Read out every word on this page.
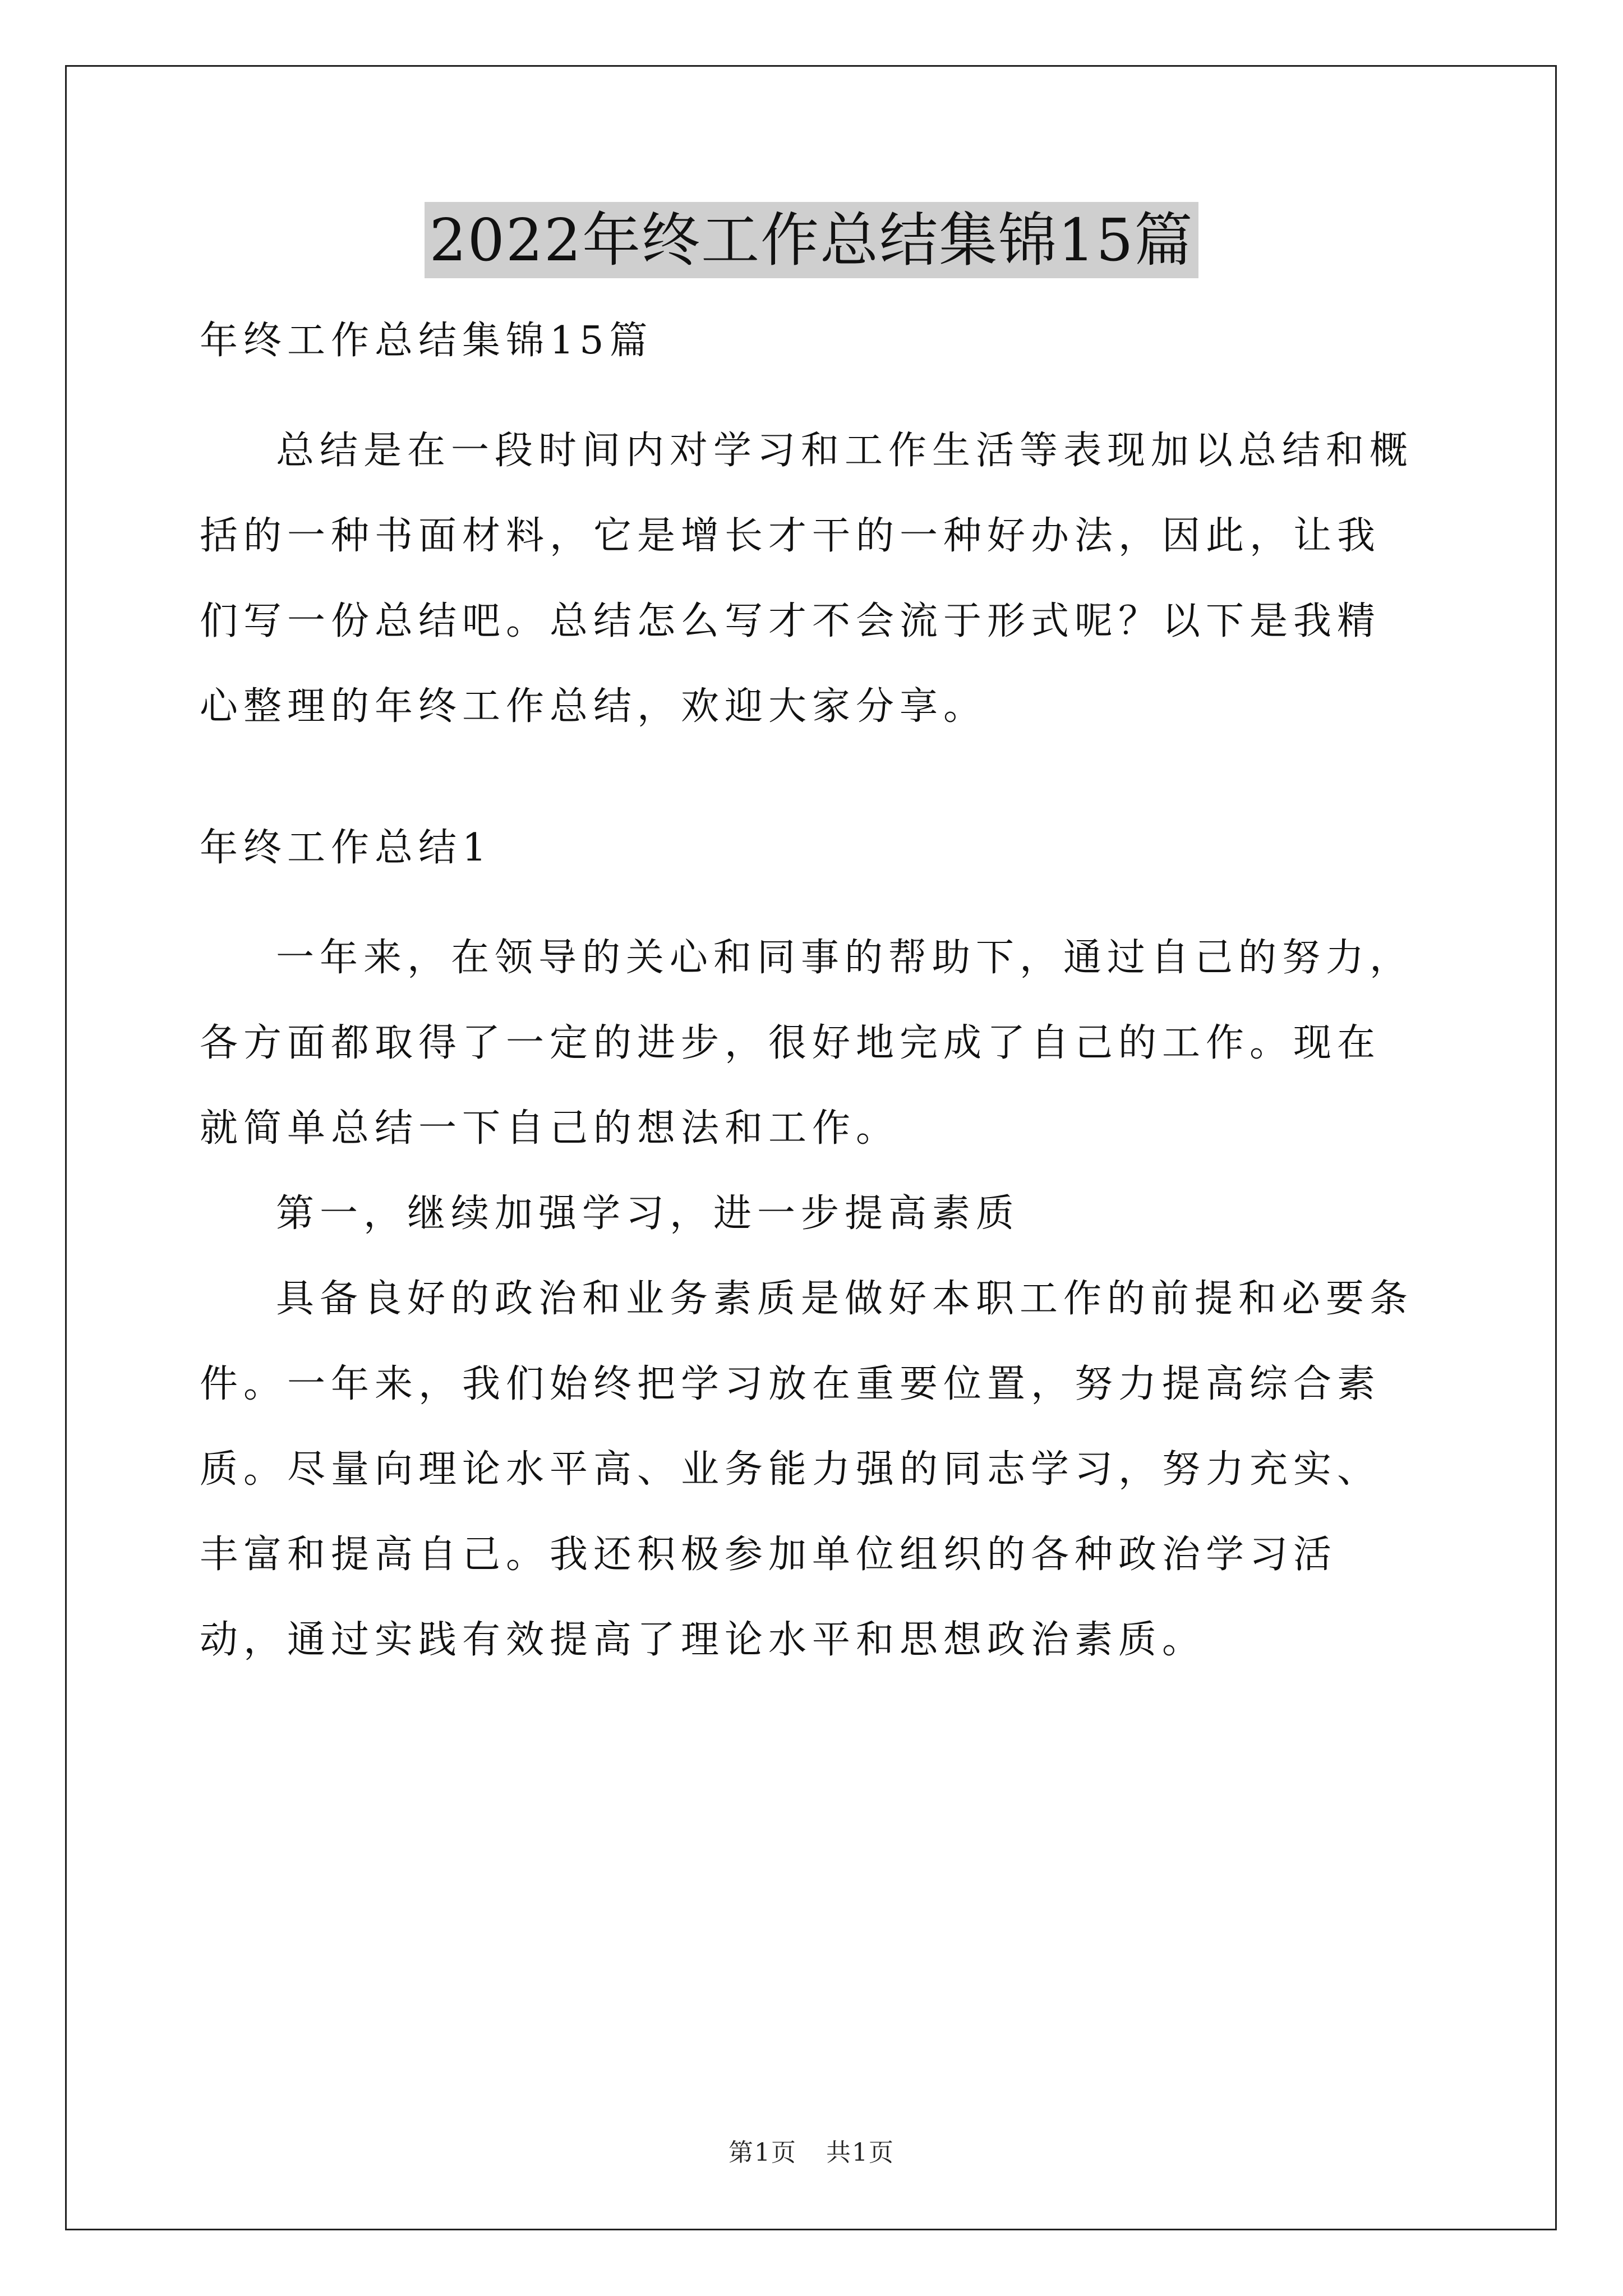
2022年终工作总结集锦15篇

年终工作总结集锦15篇

总结是在一段时间内对学习和工作生活等表现加以总结和概括的一种书面材料，它是增长才干的一种好办法，因此，让我们写一份总结吧。总结怎么写才不会流于形式呢？以下是我精心整理的年终工作总结，欢迎大家分享。

年终工作总结1

一年来，在领导的关心和同事的帮助下，通过自己的努力，各方面都取得了一定的进步，很好地完成了自己的工作。现在就简单总结一下自己的想法和工作。

第一，继续加强学习，进一步提高素质

具备良好的政治和业务素质是做好本职工作的前提和必要条件。一年来，我们始终把学习放在重要位置，努力提高综合素质。尽量向理论水平高、业务能力强的同志学习，努力充实、丰富和提高自己。我还积极参加单位组织的各种政治学习活动，通过实践有效提高了理论水平和思想政治素质。

第1页 共1页
